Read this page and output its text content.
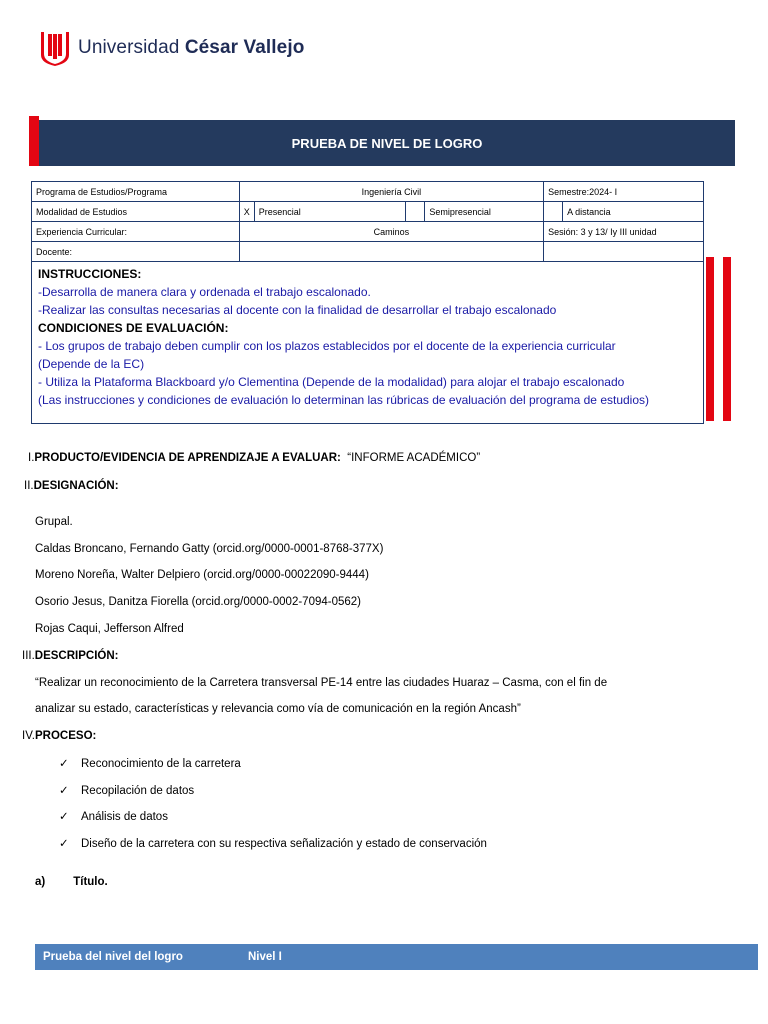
Universidad César Vallejo
PRUEBA DE NIVEL DE LOGRO
Programa de Estudios/Programa	Ingeniería Civil				Semestre:2024- I	
Modalidad de Estudios	X	Presencial		Semipresencial		A distancia
Experiencia Curricular:	Caminos				Sesión: 3 y 13/ Iy III unidad	
Docente:						
INSTRUCCIONES:
-Desarrolla de manera clara y ordenada el trabajo escalonado.
-Realizar las consultas necesarias al docente con la finalidad de desarrollar el trabajo escalonado
CONDICIONES DE EVALUACIÓN:
- Los grupos de trabajo deben cumplir con los plazos establecidos por el docente de la experiencia curricular
(Depende de la EC)
- Utiliza la Plataforma Blackboard y/o Clementina (Depende de la modalidad) para alojar el trabajo escalonado
(Las instrucciones y condiciones de evaluación lo determinan las rúbricas de evaluación del programa de estudios)
I.PRODUCTO/EVIDENCIA DE APRENDIZAJE A EVALUAR: “INFORME ACADÉMICO”
II.DESIGNACIÓN:
Grupal.
Caldas Broncano, Fernando Gatty (orcid.org/0000-0001-8768-377X)
Moreno Noreña, Walter Delpiero (orcid.org/0000-00022090-9444)
Osorio Jesus, Danitza Fiorella (orcid.org/0000-0002-7094-0562)
Rojas Caqui, Jefferson Alfred
III.DESCRIPCIÓN:
“Realizar un reconocimiento de la Carretera transversal PE-14 entre las ciudades Huaraz – Casma, con el fin de
analizar su estado, características y relevancia como vía de comunicación en la región Ancash”
IV.PROCESO:
✓ Reconocimiento de la carretera
✓ Recopilación de datos
✓ Análisis de datos
✓ Diseño de la carretera con su respectiva señalización y estado de conservación
a) Título.
Prueba del nivel del logro	Nivel I
